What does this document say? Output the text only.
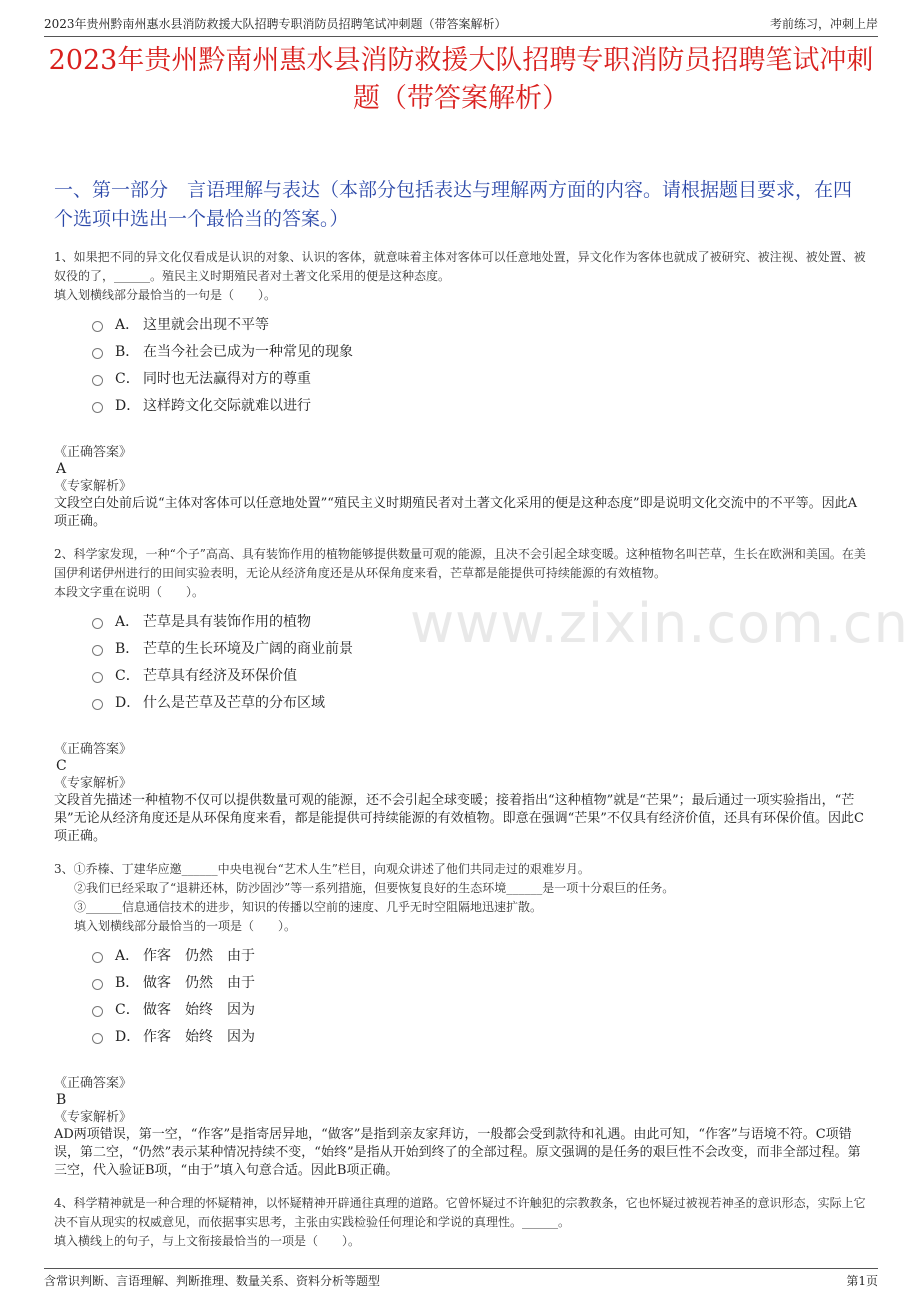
2023年贵州黔南州惠水县消防救援大队招聘专职消防员招聘笔试冲刺题（带答案解析）	考前练习，冲刺上岸
2023年贵州黔南州惠水县消防救援大队招聘专职消防员招聘笔试冲刺题（带答案解析）
一、第一部分　言语理解与表达（本部分包括表达与理解两方面的内容。请根据题目要求，在四个选项中选出一个最恰当的答案。）
www.zixin.com.cn
1、如果把不同的异文化仅看成是认识的对象、认识的客体，就意味着主体对客体可以任意地处置，异文化作为客体也就成了被研究、被注视、被处置、被奴役的了，______。殖民主义时期殖民者对土著文化采用的便是这种态度。
填入划横线部分最恰当的一句是（　　）。
A． 这里就会出现不平等
B． 在当今社会已成为一种常见的现象
C． 同时也无法赢得对方的尊重
D． 这样跨文化交际就难以进行
《正确答案》
A
《专家解析》
文段空白处前后说“主体对客体可以任意地处置”“殖民主义时期殖民者对土著文化采用的便是这种态度”即是说明文化交流中的不平等。因此A项正确。
2、科学家发现，一种“个子”高高、具有装饰作用的植物能够提供数量可观的能源，且决不会引起全球变暖。这种植物名叫芒草，生长在欧洲和美国。在美国伊利诺伊州进行的田间实验表明，无论从经济角度还是从环保角度来看，芒草都是能提供可持续能源的有效植物。
本段文字重在说明（　　）。
A． 芒草是具有装饰作用的植物
B． 芒草的生长环境及广阔的商业前景
C． 芒草具有经济及环保价值
D． 什么是芒草及芒草的分布区域
《正确答案》
C
《专家解析》
文段首先描述一种植物不仅可以提供数量可观的能源，还不会引起全球变暖；接着指出“这种植物”就是“芒果”；最后通过一项实验指出，“芒果”无论从经济角度还是从环保角度来看，都是能提供可持续能源的有效植物。即意在强调“芒果”不仅具有经济价值，还具有环保价值。因此C项正确。
3、①乔榛、丁建华应邀______中央电视台“艺术人生”栏目，向观众讲述了他们共同走过的艰难岁月。
②我们已经采取了“退耕还林，防沙固沙”等一系列措施，但要恢复良好的生态环境______是一项十分艰巨的任务。
③______信息通信技术的进步，知识的传播以空前的速度、几乎无时空阻隔地迅速扩散。
填入划横线部分最恰当的一项是（　　）。
A． 作客　仍然　由于
B． 做客　仍然　由于
C． 做客　始终　因为
D． 作客　始终　因为
《正确答案》
B
《专家解析》
AD两项错误，第一空，“作客”是指寄居异地，“做客”是指到亲友家拜访，一般都会受到款待和礼遇。由此可知，“作客”与语境不符。C项错误，第二空，“仍然”表示某种情况持续不变，“始终”是指从开始到终了的全部过程。原文强调的是任务的艰巨性不会改变，而非全部过程。第三空，代入验证B项，“由于”填入句意合适。因此B项正确。
4、科学精神就是一种合理的怀疑精神，以怀疑精神开辟通往真理的道路。它曾怀疑过不许触犯的宗教教条，它也怀疑过被视若神圣的意识形态，实际上它决不盲从现实的权威意见，而依据事实思考，主张由实践检验任何理论和学说的真理性。______。
填入横线上的句子，与上文衔接最恰当的一项是（　　）。
含常识判断、言语理解、判断推理、数量关系、资料分析等题型	第1页
